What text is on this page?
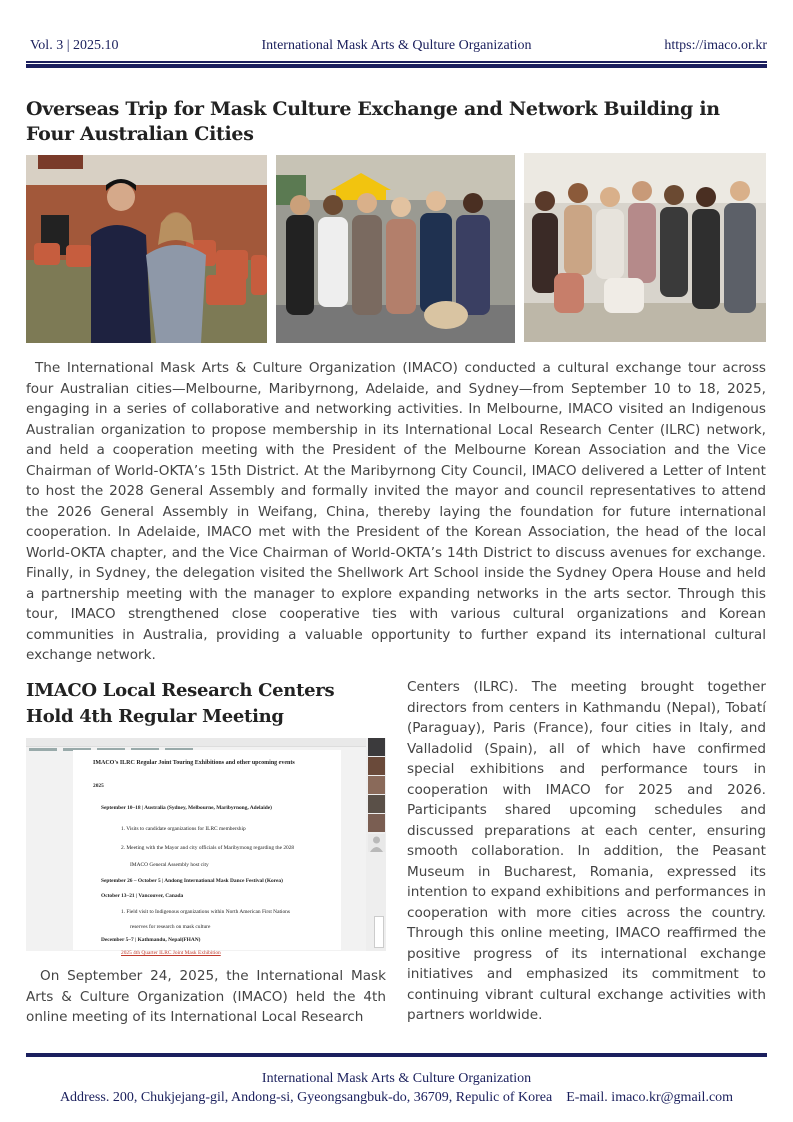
Vol. 3 | 2025.10	International Mask Arts & Qulture Organization	https://imaco.or.kr
Overseas Trip for Mask Culture Exchange and Network Building in Four Australian Cities

The International Mask Arts & Culture Organization (IMACO) conducted a cultural exchange tour across four Australian cities—Melbourne, Maribyrnong, Adelaide, and Sydney—from September 10 to 18, 2025, engaging in a series of collaborative and networking activities. In Melbourne, IMACO visited an Indigenous Australian organization to propose membership in its International Local Research Center (ILRC) network, and held a cooperation meeting with the President of the Melbourne Korean Association and the Vice Chairman of World-OKTA’s 15th District. At the Maribyrnong City Council, IMACO delivered a Letter of Intent to host the 2028 General Assembly and formally invited the mayor and council representatives to attend the 2026 General Assembly in Weifang, China, thereby laying the foundation for future international cooperation. In Adelaide, IMACO met with the President of the Korean Association, the head of the local World-OKTA chapter, and the Vice Chairman of World-OKTA’s 14th District to discuss avenues for exchange. Finally, in Sydney, the delegation visited the Shellwork Art School inside the Sydney Opera House and held a partnership meeting with the manager to explore expanding networks in the arts sector. Through this tour, IMACO strengthened close cooperative ties with various cultural organizations and Korean communities in Australia, providing a valuable opportunity to further expand its international cultural exchange network.

IMACO Local Research Centers Hold 4th Regular Meeting
IMACO's ILRC Regular Joint Touring Exhibitions and other upcoming events
2025
September 10–18 | Australia (Sydney, Melbourne, Maribyrnong, Adelaide)
1. Visits to candidate organizations for ILRC membership
2. Meeting with the Mayor and city officials of Maribyrnong regarding the 2028
IMACO General Assembly host city
September 26 – October 5 | Andong International Mask Dance Festival (Korea)
October 13–21 | Vancouver, Canada
1. Field visit to Indigenous organizations within North American First Nations
reserves for research on mask culture
December 5–7 | Kathmandu, Nepal(FHAN)
2025 4th Quarter ILRC Joint Mask Exhibition

On September 24, 2025, the International Mask Arts & Culture Organization (IMACO) held the 4th online meeting of its International Local Research

Centers (ILRC). The meeting brought together directors from centers in Kathmandu (Nepal), Tobatí (Paraguay), Paris (France), four cities in Italy, and Valladolid (Spain), all of which have confirmed special exhibitions and performance tours in cooperation with IMACO for 2025 and 2026. Participants shared upcoming schedules and discussed preparations at each center, ensuring smooth collaboration. In addition, the Peasant Museum in Bucharest, Romania, expressed its intention to expand exhibitions and performances in cooperation with more cities across the country. Through this online meeting, IMACO reaffirmed the positive progress of its international exchange initiatives and emphasized its commitment to continuing vibrant cultural exchange activities with partners worldwide.

International Mask Arts & Culture Organization
Address. 200, Chukjejang-gil, Andong-si, Gyeongsangbuk-do, 36709, Repulic of Korea E-mail. imaco.kr@gmail.com
